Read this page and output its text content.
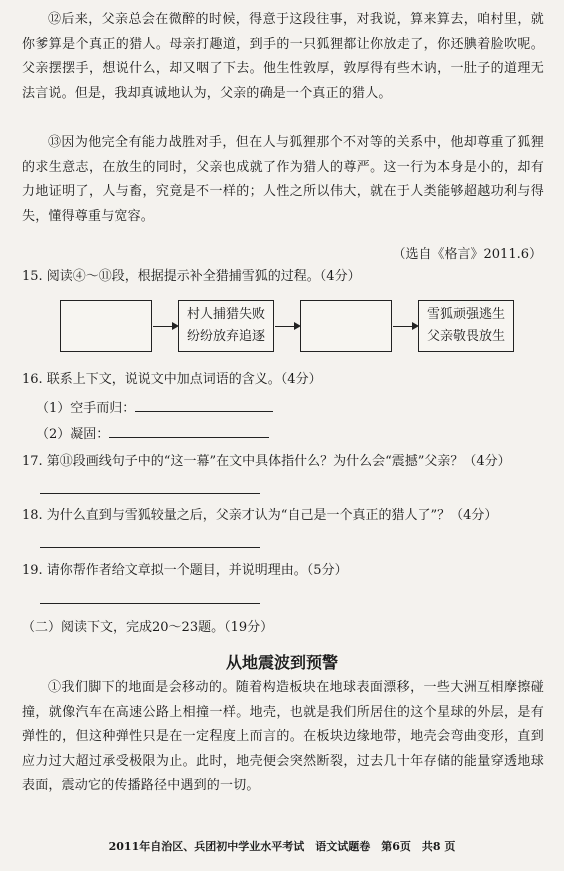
⑫后来，父亲总会在微醉的时候，得意于这段往事，对我说，算来算去，咱村里，就你爹算是个真正的猎人。母亲打趣道，到手的一只狐狸都让你放走了，你还腆着脸吹呢。父亲摆摆手，想说什么，却又咽了下去。他生性敦厚，敦厚得有些木讷，一肚子的道理无法言说。但是，我却真诚地认为，父亲的确是一个真正的猎人。

⑬因为他完全有能力战胜对手，但在人与狐狸那个不对等的关系中，他却尊重了狐狸的求生意志，在放生的同时，父亲也成就了作为猎人的尊严。这一行为本身是小的，却有力地证明了，人与畜，究竟是不一样的；人性之所以伟大，就在于人类能够超越功利与得失，懂得尊重与宽容。

（选自《格言》2011.6）
15. 阅读④～⑪段，根据提示补全猎捕雪狐的过程。（4分）
村人捕猎失败
纷纷放弃追逐
雪狐顽强逃生
父亲敬畏放生
16. 联系上下文，说说文中加点词语的含义。（4分）
（1）空手而归：
（2）凝固：
17. 第⑪段画线句子中的“这一幕”在文中具体指什么？为什么会“震撼”父亲？（4分）
18. 为什么直到与雪狐较量之后，父亲才认为“自己是一个真正的猎人了”？（4分）
19. 请你帮作者给文章拟一个题目，并说明理由。（5分）
（二）阅读下文，完成20～23题。（19分）
从地震波到预警

①我们脚下的地面是会移动的。随着构造板块在地球表面漂移，一些大洲互相摩擦碰撞，就像汽车在高速公路上相撞一样。地壳，也就是我们所居住的这个星球的外层，是有弹性的，但这种弹性只是在一定程度上而言的。在板块边缘地带，地壳会弯曲变形，直到应力过大超过承受极限为止。此时，地壳便会突然断裂，过去几十年存储的能量穿透地球表面，震动它的传播路径中遇到的一切。

2011年自治区、兵团初中学业水平考试　语文试题卷　第6页　共8 页
